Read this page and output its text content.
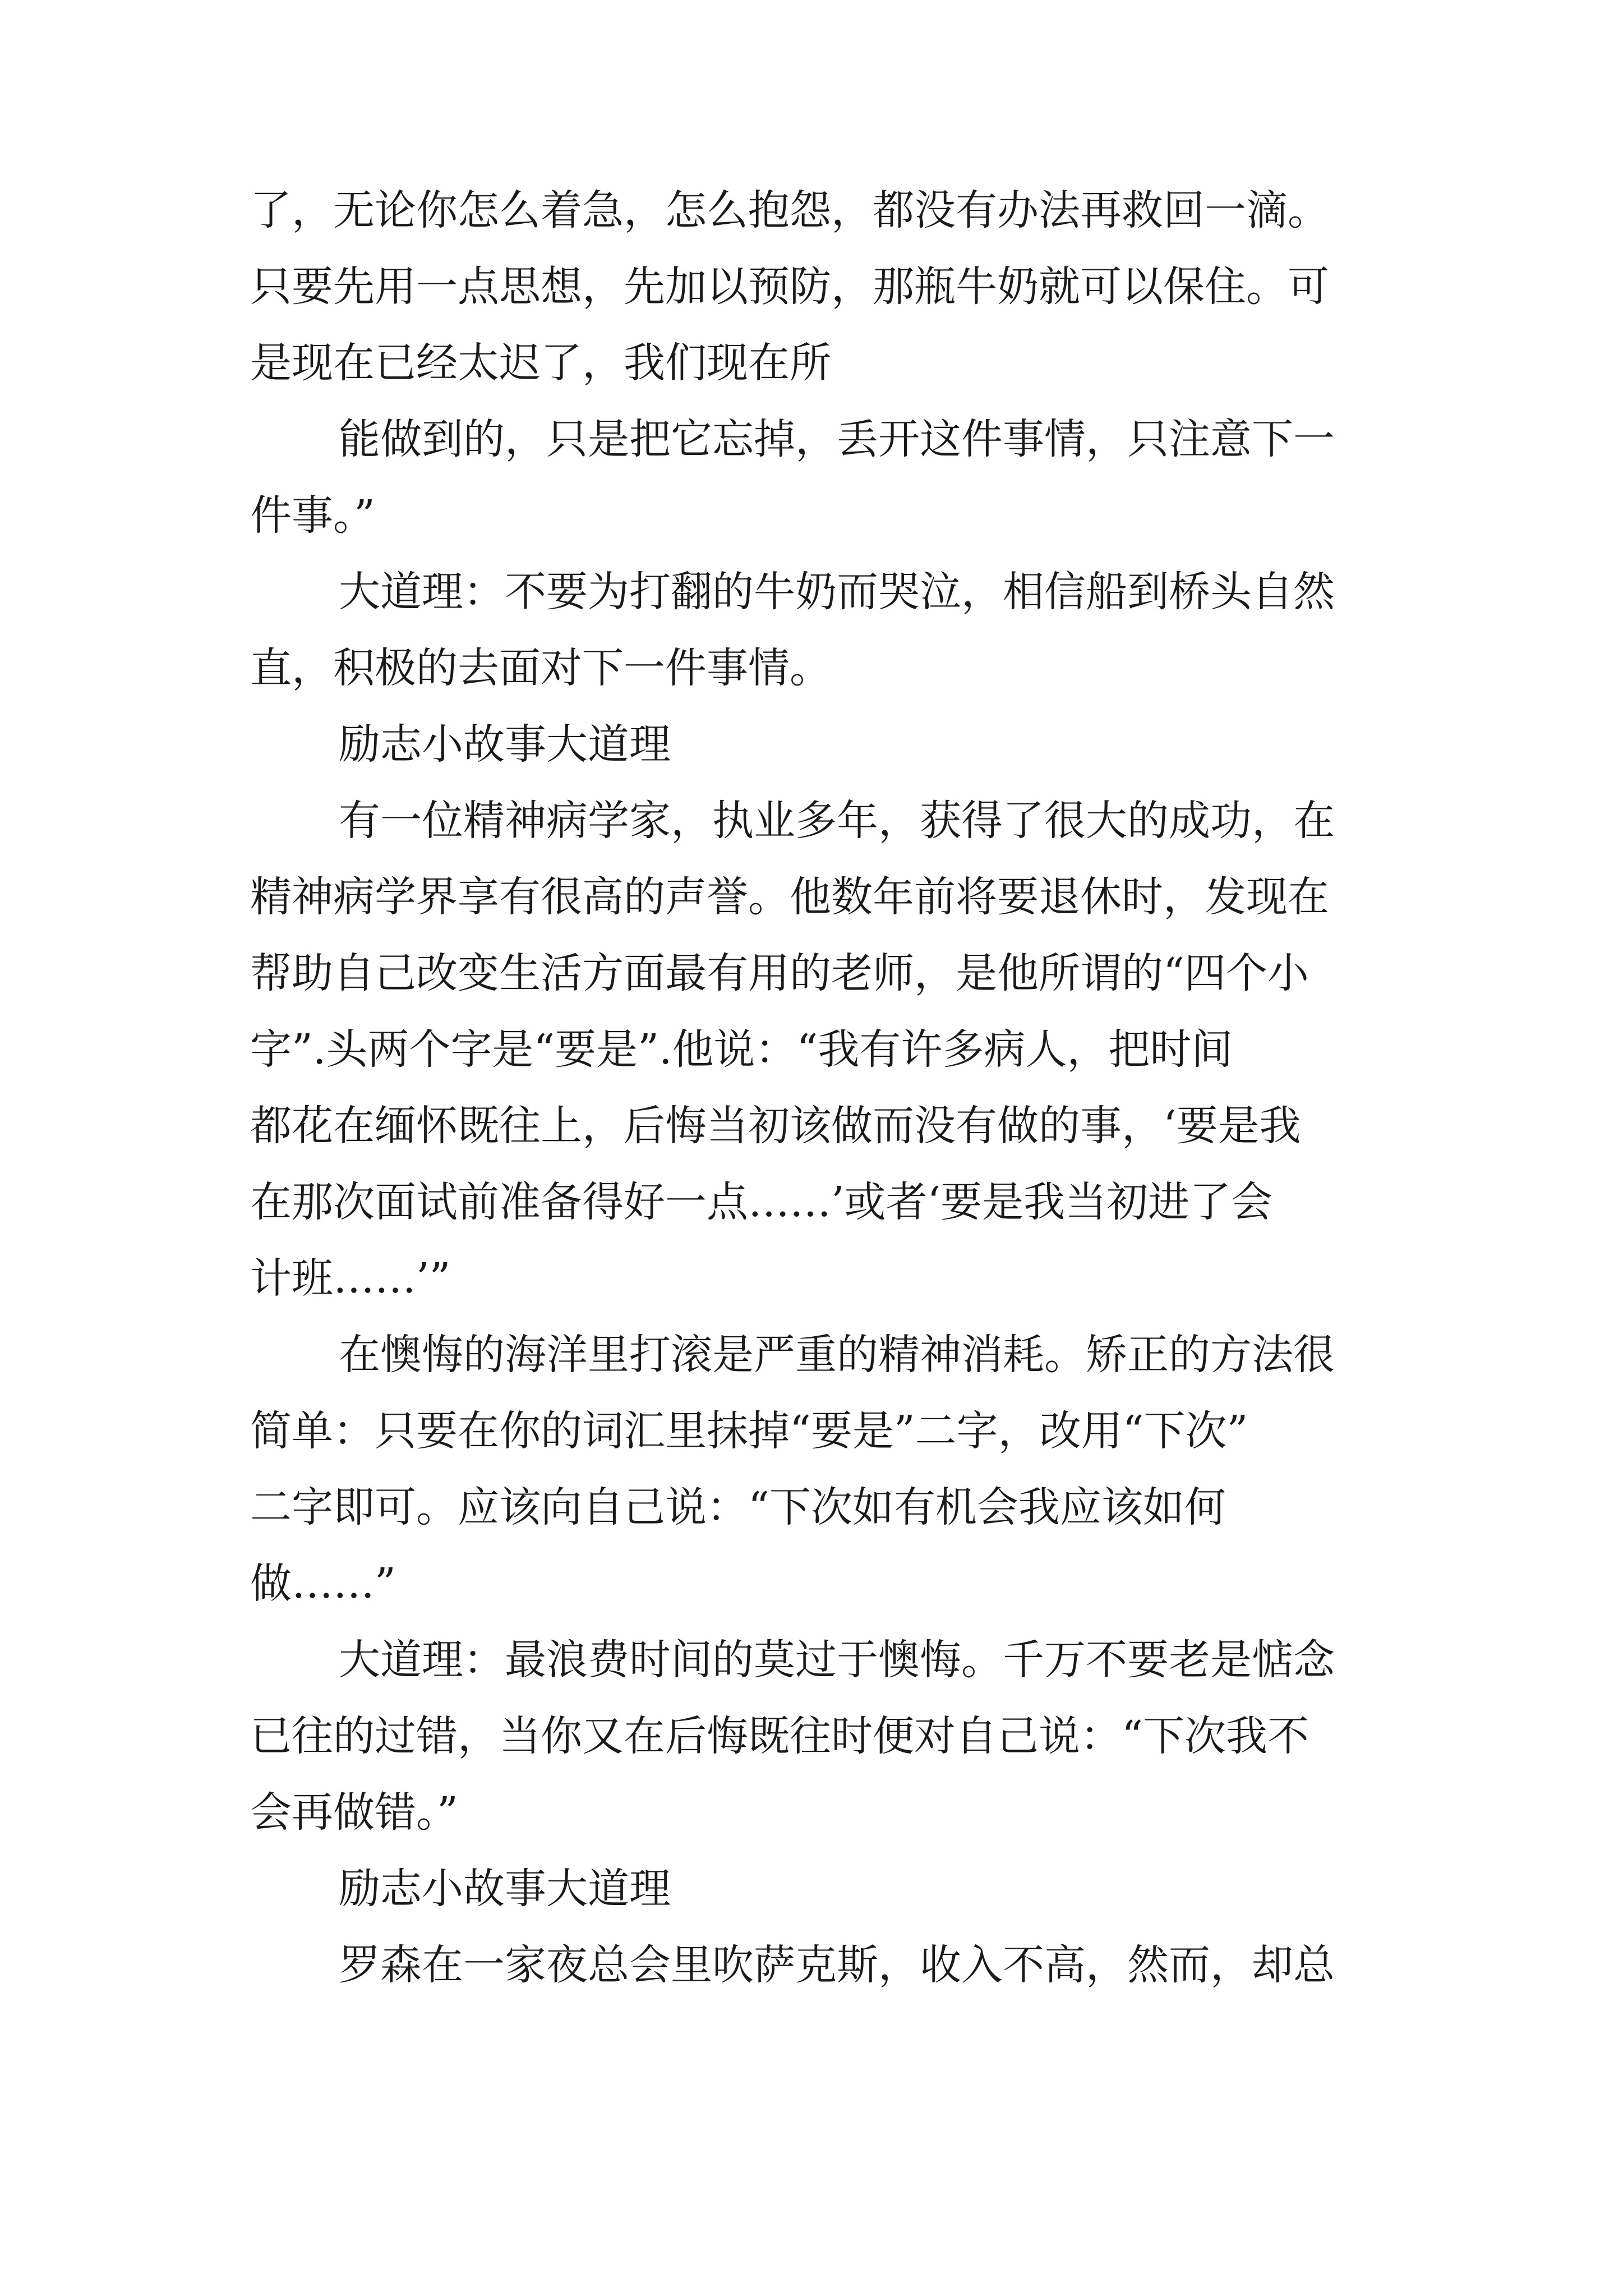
了，无论你怎么着急，怎么抱怨，都没有办法再救回一滴。
只要先用一点思想，先加以预防，那瓶牛奶就可以保住。可
是现在已经太迟了，我们现在所
能做到的，只是把它忘掉，丢开这件事情，只注意下一
件事。”
大道理：不要为打翻的牛奶而哭泣，相信船到桥头自然
直，积极的去面对下一件事情。
励志小故事大道理
有一位精神病学家，执业多年，获得了很大的成功，在
精神病学界享有很高的声誉。他数年前将要退休时，发现在
帮助自己改变生活方面最有用的老师，是他所谓的“四个小
字”.头两个字是“要是”.他说：“我有许多病人，把时间
都花在缅怀既往上，后悔当初该做而没有做的事，‘要是我
在那次面试前准备得好一点……’或者‘要是我当初进了会
计班……’”
在懊悔的海洋里打滚是严重的精神消耗。矫正的方法很
简单：只要在你的词汇里抹掉“要是”二字，改用“下次”
二字即可。应该向自己说：“下次如有机会我应该如何
做……”
大道理：最浪费时间的莫过于懊悔。千万不要老是惦念
已往的过错，当你又在后悔既往时便对自己说：“下次我不
会再做错。”
励志小故事大道理
罗森在一家夜总会里吹萨克斯，收入不高，然而，却总
